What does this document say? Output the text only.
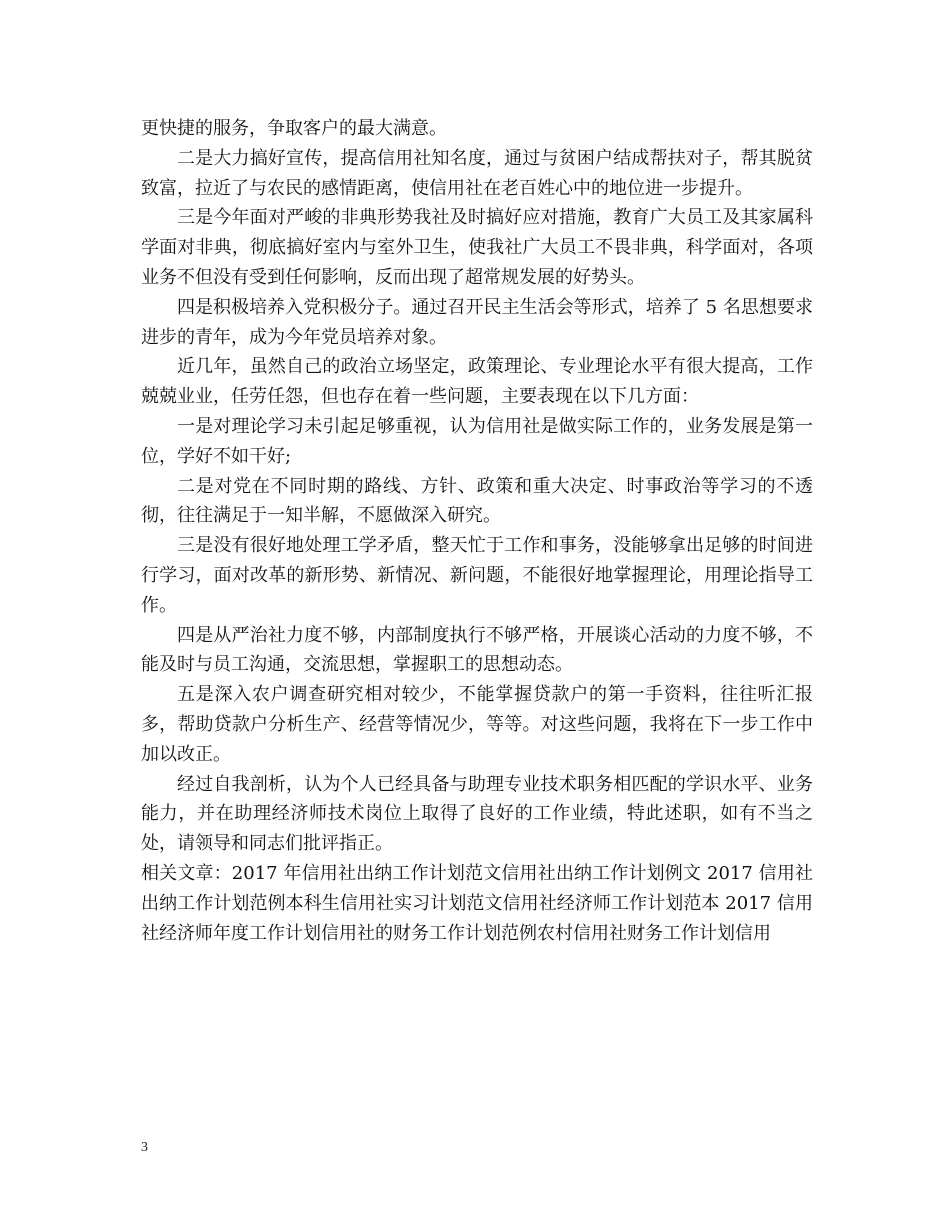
更快捷的服务，争取客户的最大满意。

二是大力搞好宣传，提高信用社知名度，通过与贫困户结成帮扶对子，帮其脱贫致富，拉近了与农民的感情距离，使信用社在老百姓心中的地位进一步提升。

三是今年面对严峻的非典形势我社及时搞好应对措施，教育广大员工及其家属科学面对非典，彻底搞好室内与室外卫生，使我社广大员工不畏非典，科学面对，各项业务不但没有受到任何影响，反而出现了超常规发展的好势头。

四是积极培养入党积极分子。通过召开民主生活会等形式，培养了 5 名思想要求进步的青年，成为今年党员培养对象。

近几年，虽然自己的政治立场坚定，政策理论、专业理论水平有很大提高，工作兢兢业业，任劳任怨，但也存在着一些问题，主要表现在以下几方面：

一是对理论学习未引起足够重视，认为信用社是做实际工作的，业务发展是第一位，学好不如干好;

二是对党在不同时期的路线、方针、政策和重大决定、时事政治等学习的不透彻，往往满足于一知半解，不愿做深入研究。

三是没有很好地处理工学矛盾，整天忙于工作和事务，没能够拿出足够的时间进行学习，面对改革的新形势、新情况、新问题，不能很好地掌握理论，用理论指导工作。

四是从严治社力度不够，内部制度执行不够严格，开展谈心活动的力度不够，不能及时与员工沟通，交流思想，掌握职工的思想动态。

五是深入农户调查研究相对较少，不能掌握贷款户的第一手资料，往往听汇报多，帮助贷款户分析生产、经营等情况少，等等。对这些问题，我将在下一步工作中加以改正。

经过自我剖析，认为个人已经具备与助理专业技术职务相匹配的学识水平、业务能力，并在助理经济师技术岗位上取得了良好的工作业绩，特此述职，如有不当之处，请领导和同志们批评指正。

相关文章：2017 年信用社出纳工作计划范文信用社出纳工作计划例文 2017 信用社出纳工作计划范例本科生信用社实习计划范文信用社经济师工作计划范本 2017 信用社经济师年度工作计划信用社的财务工作计划范例农村信用社财务工作计划信用

3
